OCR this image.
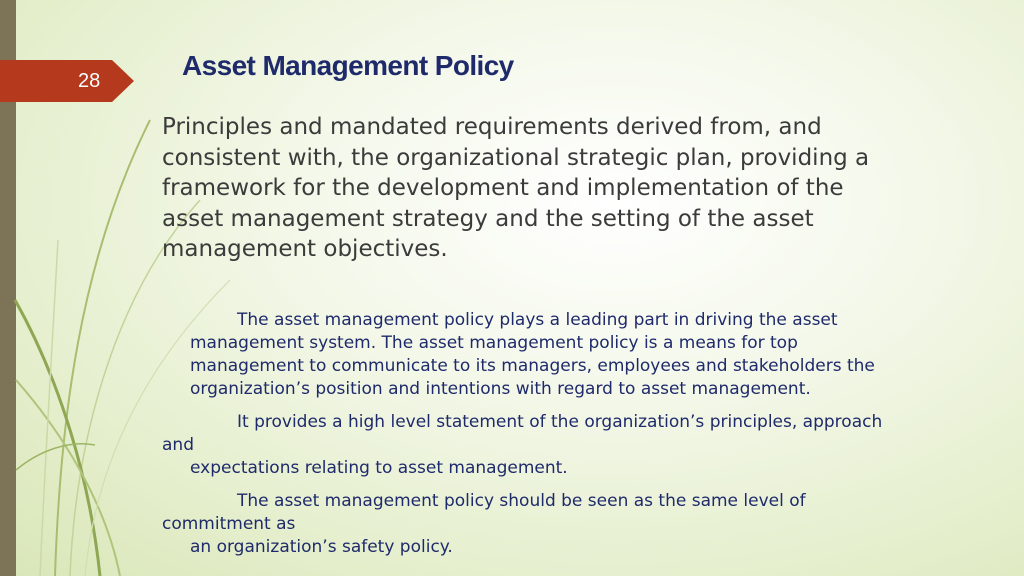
28	Asset Management Policy
Principles and mandated requirements derived from, and
consistent with, the organizational strategic plan, providing a
framework for the development and implementation of the
asset management strategy and the setting of the asset
management objectives.
The asset management policy plays a leading part in driving the asset
management system. The asset management policy is a means for top
management to communicate to its managers, employees and stakeholders the
organization’s position and intentions with regard to asset management.
It provides a high level statement of the organization’s principles, approach
and
expectations relating to asset management.
The asset management policy should be seen as the same level of
commitment as
an organization’s safety policy.
